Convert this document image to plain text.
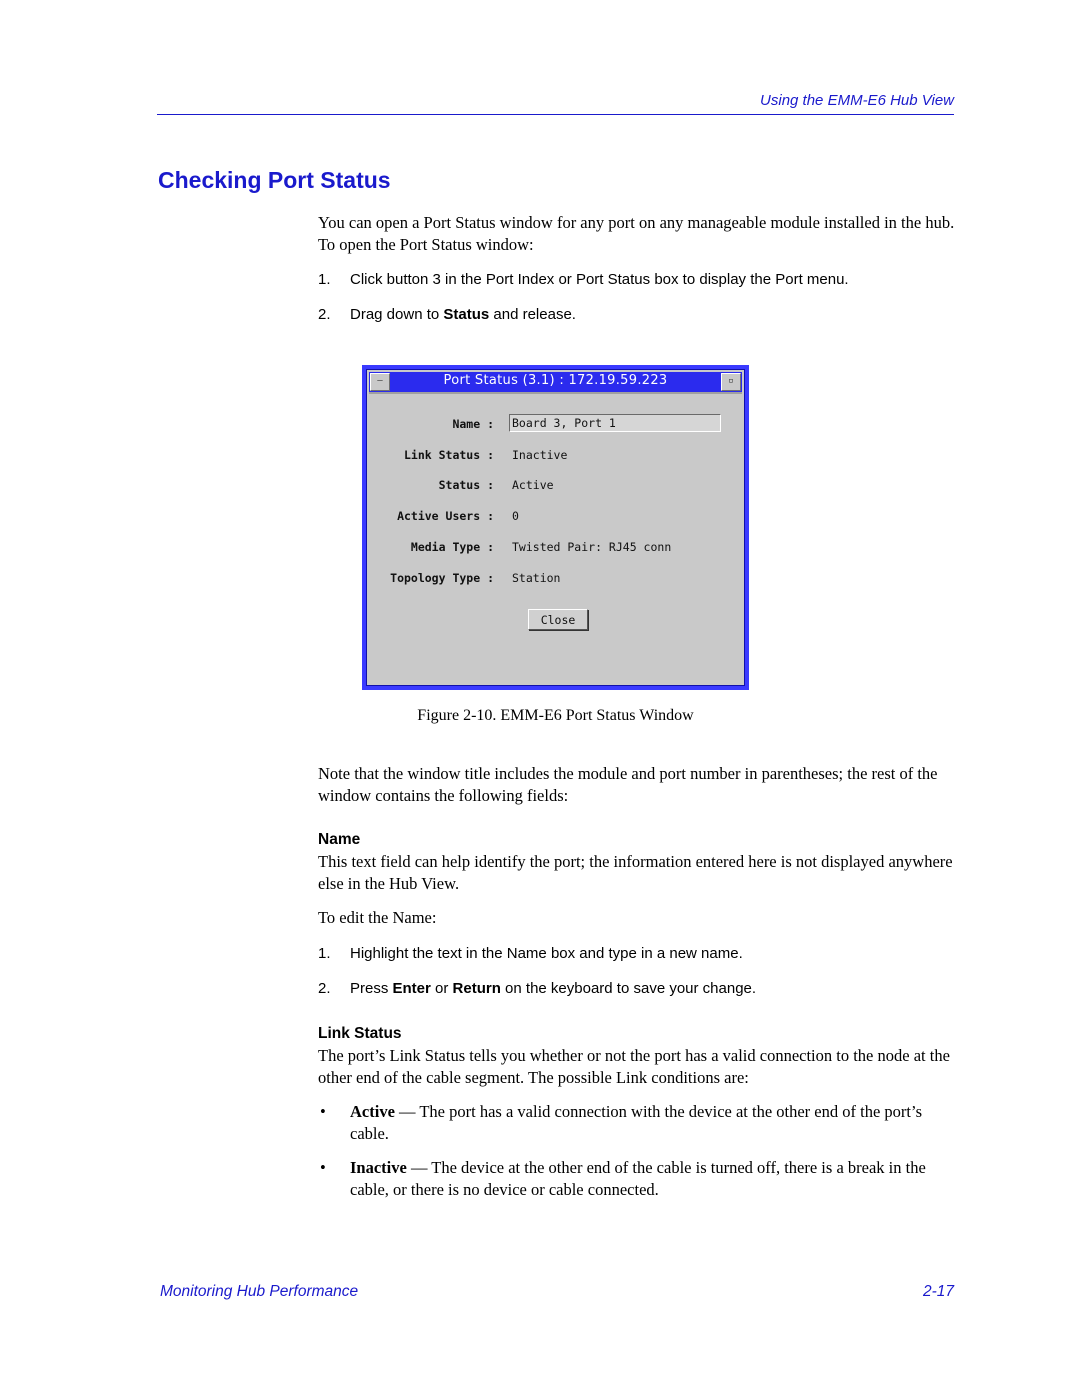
Using the EMM-E6 Hub View
Checking Port Status

You can open a Port Status window for any port on any manageable module installed in the hub. To open the Port Status window:

1. Click button 3 in the Port Index or Port Status box to display the Port menu.
2. Drag down to Status and release.
—	Port Status (3.1) : 172.19.59.223	▫
Name :
Board 3, Port 1
Link Status : Inactive
Status : Active
Active Users : 0
Media Type : Twisted Pair: RJ45 conn
Topology Type : Station
Close
Figure 2-10. EMM-E6 Port Status Window

Note that the window title includes the module and port number in parentheses; the rest of the window contains the following fields:

Name

This text field can help identify the port; the information entered here is not displayed anywhere else in the Hub View.

To edit the Name:

1. Highlight the text in the Name box and type in a new name.
2. Press Enter or Return on the keyboard to save your change.
Link Status

The port’s Link Status tells you whether or not the port has a valid connection to the node at the other end of the cable segment. The possible Link conditions are:

• Active — The port has a valid connection with the device at the other end of the port’s cable.
• Inactive — The device at the other end of the cable is turned off, there is a break in the cable, or there is no device or cable connected.
Monitoring Hub Performance	2-17
